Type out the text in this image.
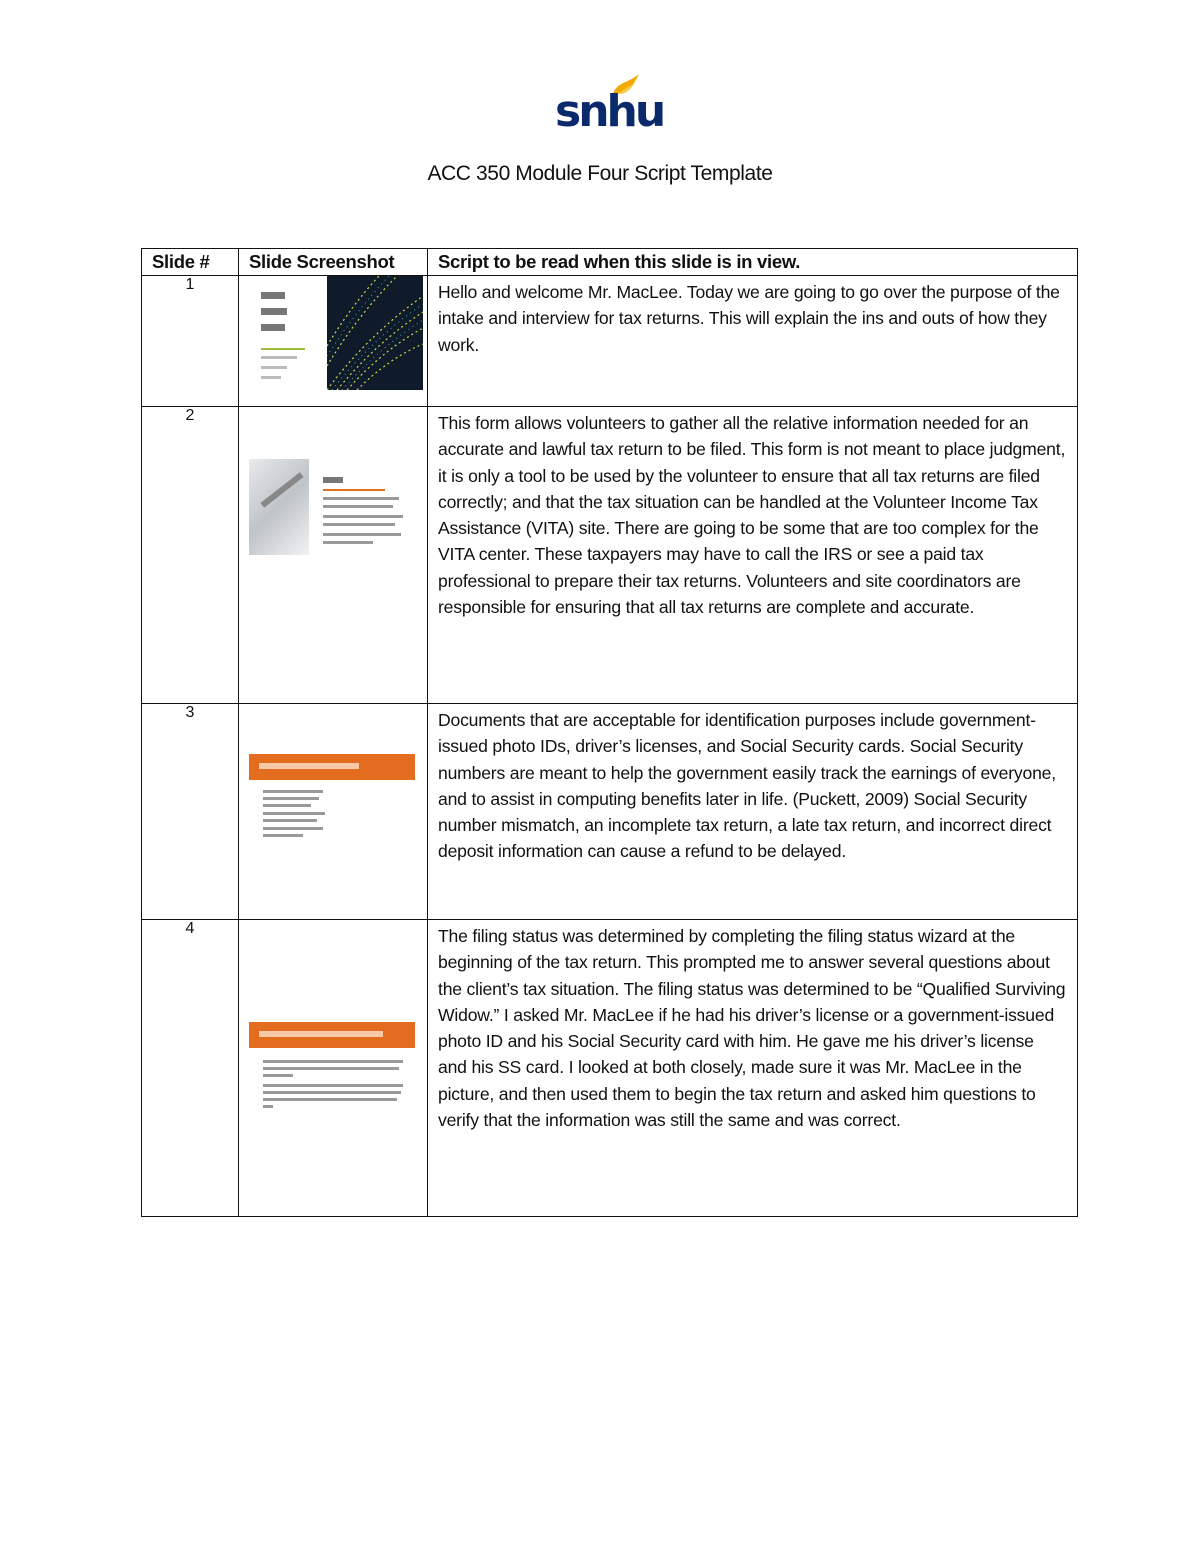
snhu
ACC 350 Module Four Script Template
Slide #	Slide Screenshot	Script to be read when this slide is in view.
1		Hello and welcome Mr. MacLee. Today we are going to go over the purpose of the intake and interview for tax returns. This will explain the ins and outs of how they work.
2		This form allows volunteers to gather all the relative information needed for an accurate and lawful tax return to be filed. This form is not meant to place judgment, it is only a tool to be used by the volunteer to ensure that all tax returns are filed correctly; and that the tax situation can be handled at the Volunteer Income Tax Assistance (VITA) site. There are going to be some that are too complex for the VITA center. These taxpayers may have to call the IRS or see a paid tax professional to prepare their tax returns. Volunteers and site coordinators are responsible for ensuring that all tax returns are complete and accurate.
3		Documents that are acceptable for identification purposes include government-issued photo IDs, driver’s licenses, and Social Security cards. Social Security numbers are meant to help the government easily track the earnings of everyone, and to assist in computing benefits later in life. (Puckett, 2009) Social Security number mismatch, an incomplete tax return, a late tax return, and incorrect direct deposit information can cause a refund to be delayed.
4		The filing status was determined by completing the filing status wizard at the beginning of the tax return. This prompted me to answer several questions about the client’s tax situation. The filing status was determined to be “Qualified Surviving Widow.” I asked Mr. MacLee if he had his driver’s license or a government-issued photo ID and his Social Security card with him. He gave me his driver’s license and his SS card. I looked at both closely, made sure it was Mr. MacLee in the picture, and then used them to begin the tax return and asked him questions to verify that the information was still the same and was correct.
